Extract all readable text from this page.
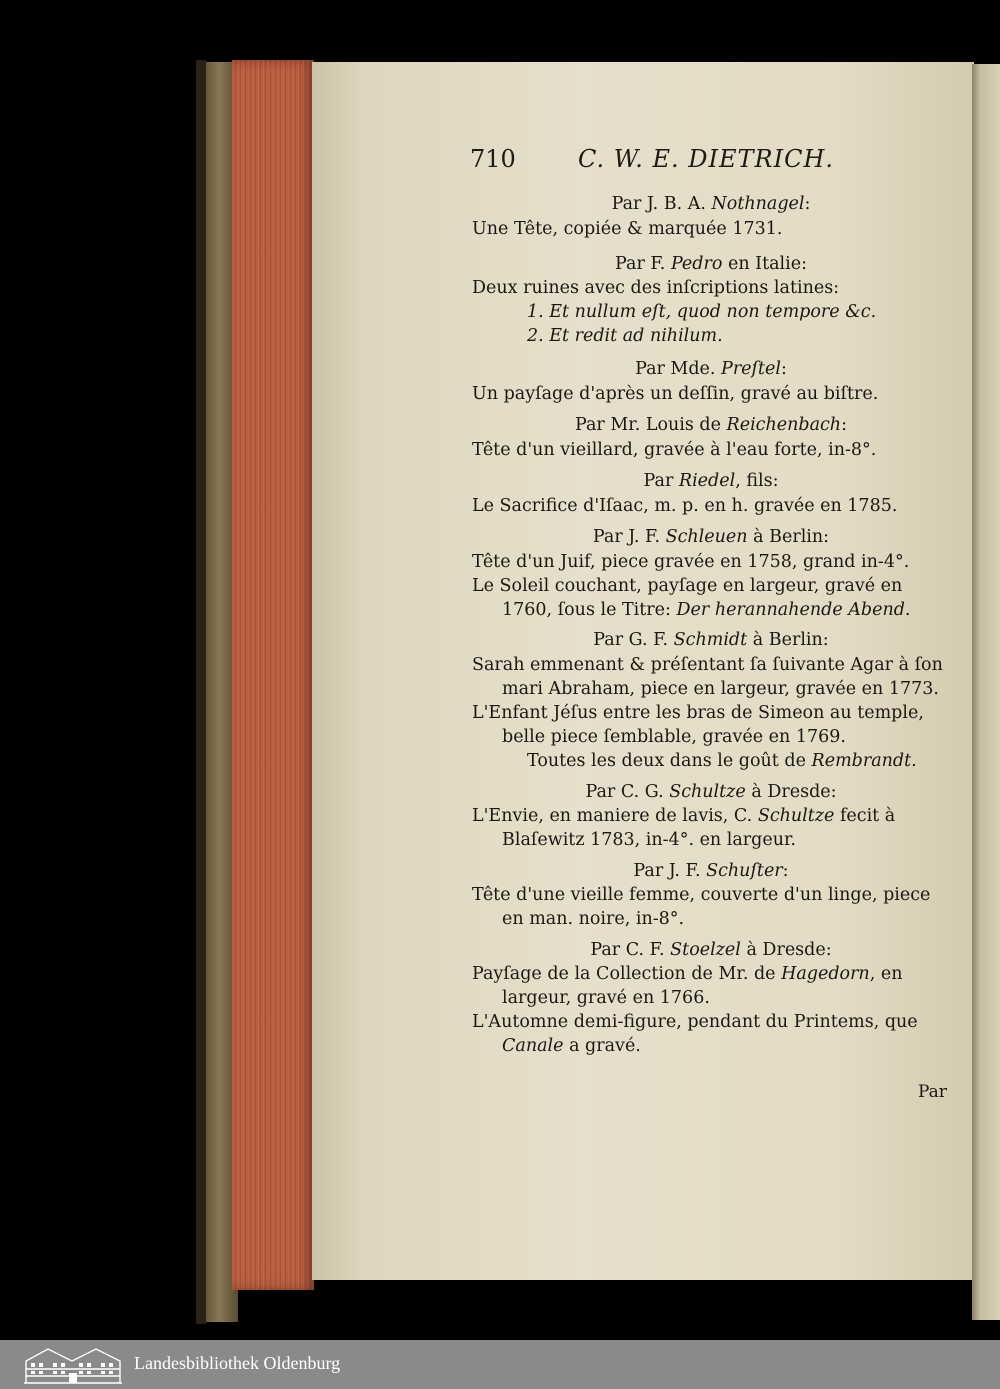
710	C. W. E. DIETRICH.
Par J. B. A. Nothnagel:
Une Tête, copiée & marquée 1731.
Par F. Pedro en Italie:
Deux ruines avec des inſcriptions latines:
1. Et nullum eſt, quod non tempore &c.
2. Et redit ad nihilum.
Par Mde. Preſtel:
Un payſage d'après un deſſin, gravé au biſtre.
Par Mr. Louis de Reichenbach:
Tête d'un vieillard, gravée à l'eau forte, in-8°.
Par Riedel, fils:
Le Sacrifice d'Iſaac, m. p. en h. gravée en 1785.
Par J. F. Schleuen à Berlin:
Tête d'un Juif, piece gravée en 1758, grand in-4°.
Le Soleil couchant, payſage en largeur, gravé en
1760, ſous le Titre: Der herannahende Abend.
Par G. F. Schmidt à Berlin:
Sarah emmenant & préſentant ſa ſuivante Agar à ſon
mari Abraham, piece en largeur, gravée en 1773.
L'Enfant Jéſus entre les bras de Simeon au temple,
belle piece ſemblable, gravée en 1769.
Toutes les deux dans le goût de Rembrandt.
Par C. G. Schultze à Dresde:
L'Envie, en maniere de lavis, C. Schultze fecit à
Blaſewitz 1783, in-4°. en largeur.
Par J. F. Schuſter:
Tête d'une vieille femme, couverte d'un linge, piece
en man. noire, in-8°.
Par C. F. Stoelzel à Dresde:
Payſage de la Collection de Mr. de Hagedorn, en
largeur, gravé en 1766.
L'Automne demi-figure, pendant du Printems, que
Canale a gravé.
Par
Landesbibliothek Oldenburg
